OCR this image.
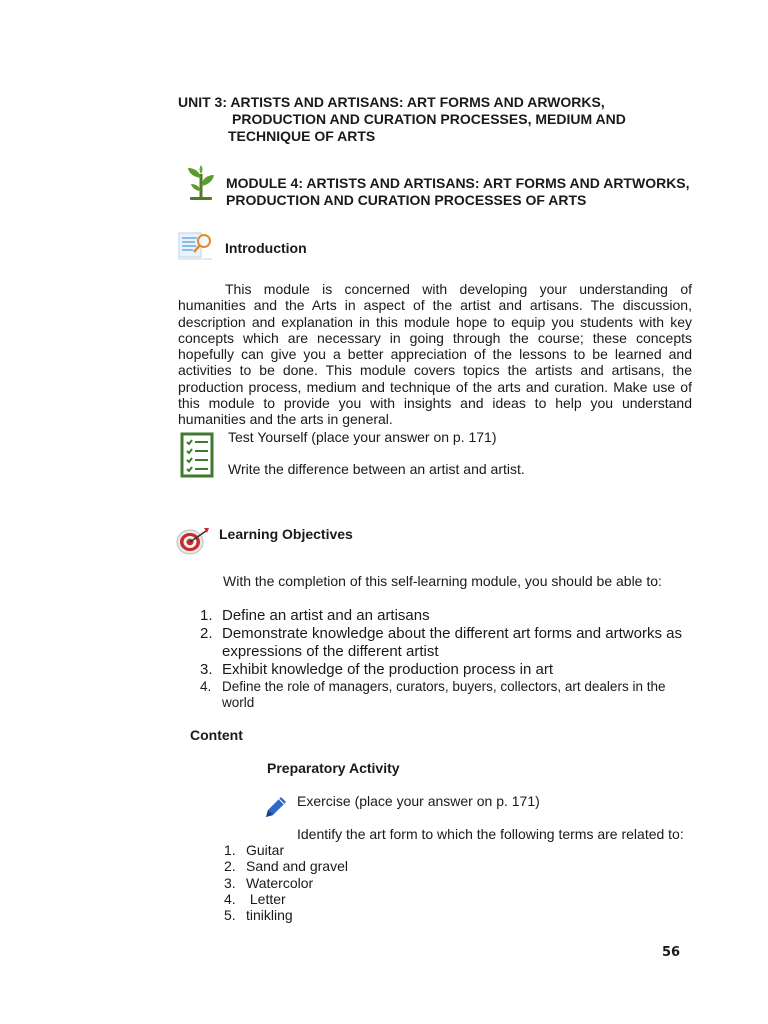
UNIT 3: ARTISTS AND ARTISANS: ART FORMS AND ARWORKS,
PRODUCTION AND CURATION PROCESSES, MEDIUM AND
TECHNIQUE OF ARTS
MODULE 4: ARTISTS AND ARTISANS: ART FORMS AND ARTWORKS,
PRODUCTION AND CURATION PROCESSES OF ARTS
Introduction
This module is concerned with developing your understanding of humanities and the Arts in aspect of the artist and artisans. The discussion, description and explanation in this module hope to equip you students with key concepts which are necessary in going through the course; these concepts hopefully can give you a better appreciation of the lessons to be learned and activities to be done. This module covers topics the artists and artisans, the production process, medium and technique of the arts and curation. Make use of this module to provide you with insights and ideas to help you understand humanities and the arts in general.
Test Yourself (place your answer on p. 171)
Write the difference between an artist and artist.
Learning Objectives
With the completion of this self-learning module, you should be able to:
1. Define an artist and an artisans
2. Demonstrate knowledge about the different art forms and artworks as
expressions of the different artist
3. Exhibit knowledge of the production process in art
4. Define the role of managers, curators, buyers, collectors, art dealers in the
world
Content
Preparatory Activity
Exercise (place your answer on p. 171)
Identify the art form to which the following terms are related to:
1. Guitar
2. Sand and gravel
3. Watercolor
4. Letter
5. tinikling
56
